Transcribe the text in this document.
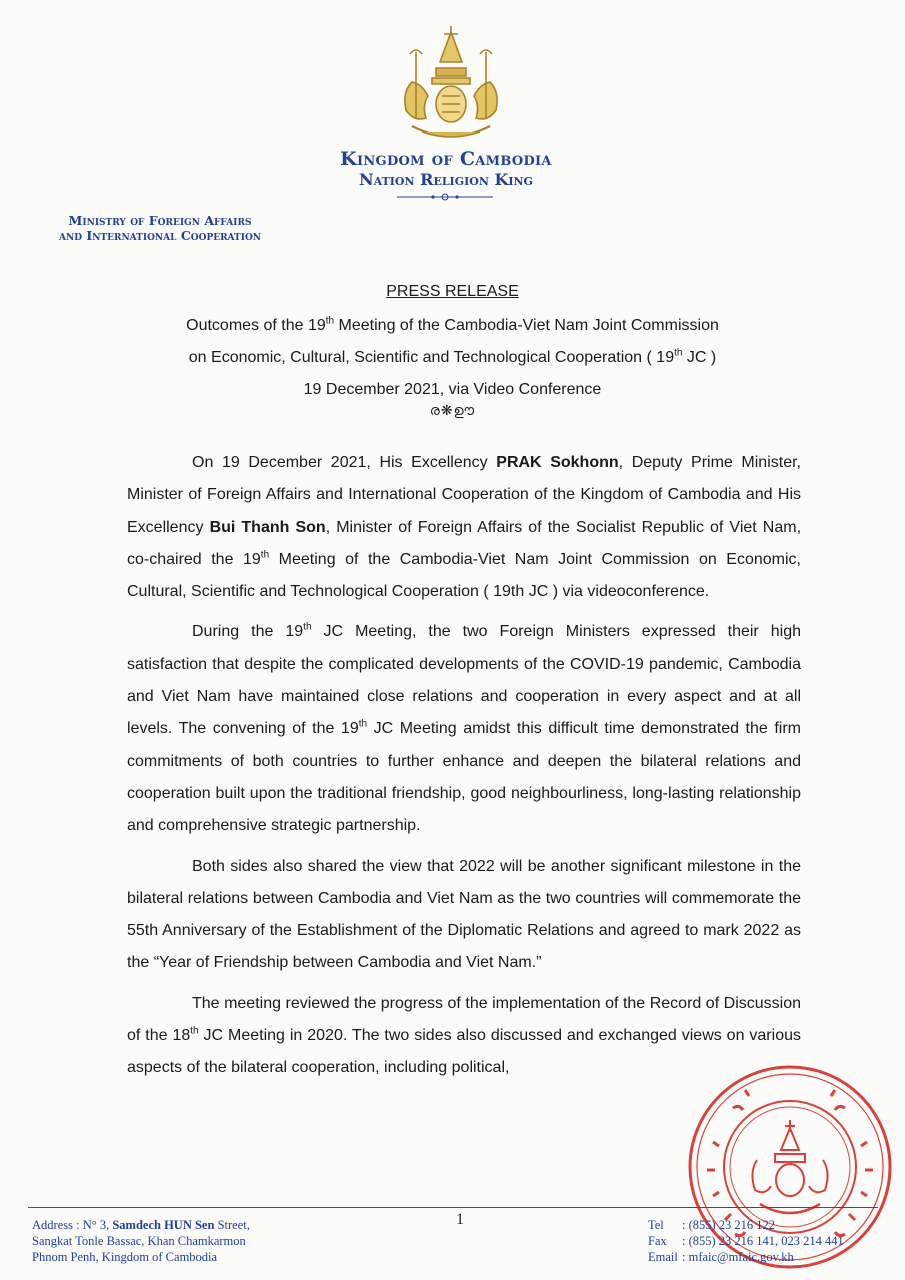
Kingdom of Cambodia
Nation Religion King
Ministry of Foreign Affairs
and International Cooperation
PRESS RELEASE
Outcomes of the 19th Meeting of the Cambodia-Viet Nam Joint Commission
on Economic, Cultural, Scientific and Technological Cooperation ( 19th JC )
19 December 2021, via Video Conference
ര❋ഊ

On 19 December 2021, His Excellency PRAK Sokhonn, Deputy Prime Minister, Minister of Foreign Affairs and International Cooperation of the Kingdom of Cambodia and His Excellency Bui Thanh Son, Minister of Foreign Affairs of the Socialist Republic of Viet Nam, co-chaired the 19th Meeting of the Cambodia-Viet Nam Joint Commission on Economic, Cultural, Scientific and Technological Cooperation ( 19th JC ) via videoconference.

During the 19th JC Meeting, the two Foreign Ministers expressed their high satisfaction that despite the complicated developments of the COVID-19 pandemic, Cambodia and Viet Nam have maintained close relations and cooperation in every aspect and at all levels. The convening of the 19th JC Meeting amidst this difficult time demonstrated the firm commitments of both countries to further enhance and deepen the bilateral relations and cooperation built upon the traditional friendship, good neighbourliness, long-lasting relationship and comprehensive strategic partnership.

Both sides also shared the view that 2022 will be another significant milestone in the bilateral relations between Cambodia and Viet Nam as the two countries will commemorate the 55th Anniversary of the Establishment of the Diplomatic Relations and agreed to mark 2022 as the “Year of Friendship between Cambodia and Viet Nam.”

The meeting reviewed the progress of the implementation of the Record of Discussion of the 18th JC Meeting in 2020. The two sides also discussed and exchanged views on various aspects of the bilateral cooperation, including political,

Address : N° 3, Samdech HUN Sen Street,
Sangkat Tonle Bassac, Khan Chamkarmon
Phnom Penh, Kingdom of Cambodia
1	Tel	: (855) 23 216 122
Fax	: (855) 23 216 141, 023 214 441
Email : mfaic@mfaic.gov.kh
